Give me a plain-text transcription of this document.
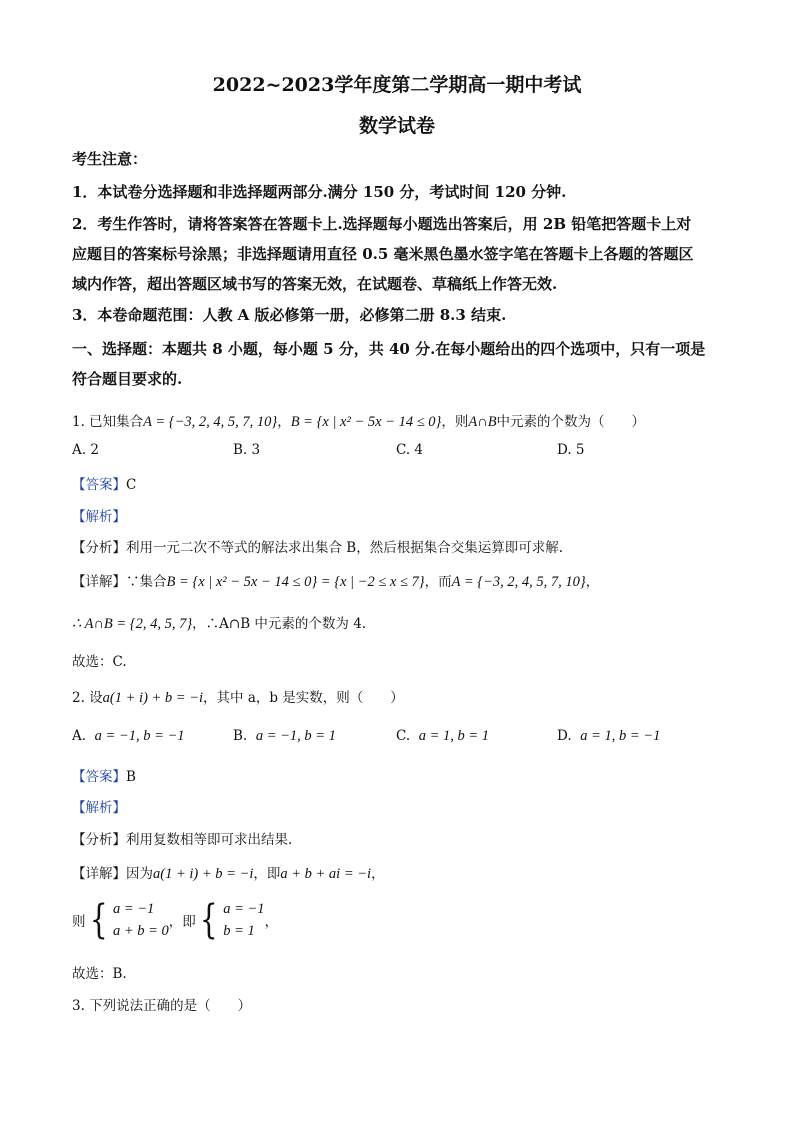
2022~2023学年度第二学期高一期中考试
数学试卷
考生注意：
1．本试卷分选择题和非选择题两部分.满分 150 分，考试时间 120 分钟.
2．考生作答时，请将答案答在答题卡上.选择题每小题选出答案后，用 2B 铅笔把答题卡上对
应题目的答案标号涂黑；非选择题请用直径 0.5 毫米黑色墨水签字笔在答题卡上各题的答题区
域内作答，超出答题区域书写的答案无效，在试题卷、草稿纸上作答无效.
3．本卷命题范围：人教 A 版必修第一册，必修第二册 8.3 结束.
一、选择题：本题共 8 小题，每小题 5 分，共 40 分.在每小题给出的四个选项中，只有一项是
符合题目要求的.
1. 已知集合A = {−3, 2, 4, 5, 7, 10}，B = {x | x² − 5x − 14 ≤ 0}，则A∩B中元素的个数为（　　）
A. 2	B. 3	C. 4	D. 5
【答案】C
【解析】
【分析】利用一元二次不等式的解法求出集合 B，然后根据集合交集运算即可求解.
【详解】∵集合B = {x | x² − 5x − 14 ≤ 0} = {x | −2 ≤ x ≤ 7}，而A = {−3, 2, 4, 5, 7, 10}，
∴ A∩B = {2, 4, 5, 7}，∴A∩B 中元素的个数为 4.
故选：C.
2. 设a(1 + i) + b = −i，其中 a，b 是实数，则（　　）
A. a = −1, b = −1	B. a = −1, b = 1	C. a = 1, b = 1	D. a = 1, b = −1
【答案】B
【解析】
【分析】利用复数相等即可求出结果.
【详解】因为a(1 + i) + b = −i，即a + b + ai = −i，
则 { a = −1
a + b = 0
，即 { a = −1
b = 1
，
故选：B.
3. 下列说法正确的是（　　）
